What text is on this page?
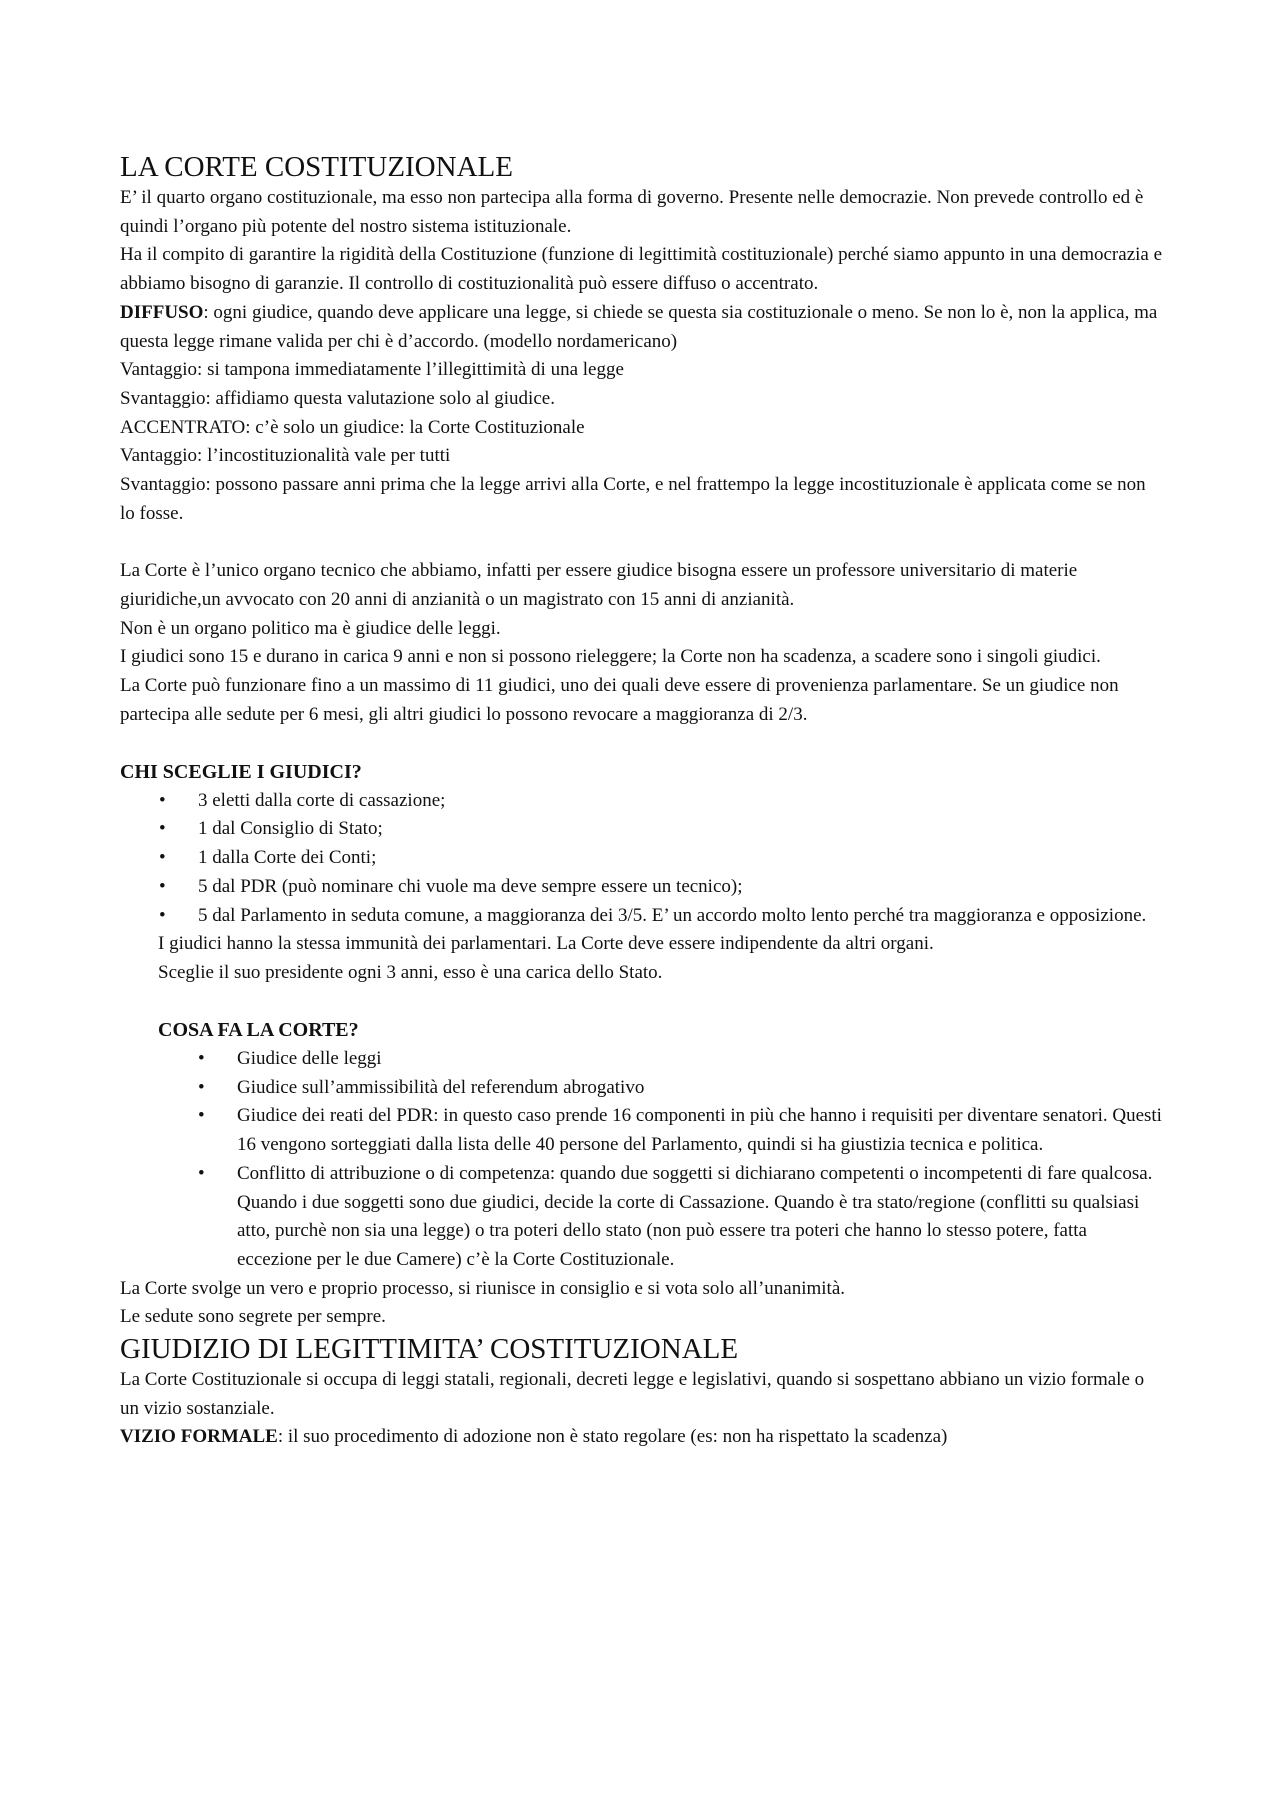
LA CORTE COSTITUZIONALE

E’ il quarto organo costituzionale, ma esso non partecipa alla forma di governo. Presente nelle democrazie. Non prevede controllo ed è quindi l’organo più potente del nostro sistema istituzionale.

Ha il compito di garantire la rigidità della Costituzione (funzione di legittimità costituzionale) perché siamo appunto in una democrazia e abbiamo bisogno di garanzie. Il controllo di costituzionalità può essere diffuso o accentrato.

DIFFUSO: ogni giudice, quando deve applicare una legge, si chiede se questa sia costituzionale o meno. Se non lo è, non la applica, ma questa legge rimane valida per chi è d’accordo. (modello nordamericano)

Vantaggio: si tampona immediatamente l’illegittimità di una legge

Svantaggio: affidiamo questa valutazione solo al giudice.

ACCENTRATO: c’è solo un giudice: la Corte Costituzionale

Vantaggio: l’incostituzionalità vale per tutti

Svantaggio: possono passare anni prima che la legge arrivi alla Corte, e nel frattempo la legge incostituzionale è applicata come se non lo fosse.

La Corte è l’unico organo tecnico che abbiamo, infatti per essere giudice bisogna essere un professore universitario di materie giuridiche,un avvocato con 20 anni di anzianità o un magistrato con 15 anni di anzianità.

Non è un organo politico ma è giudice delle leggi.

I giudici sono 15 e durano in carica 9 anni e non si possono rieleggere; la Corte non ha scadenza, a scadere sono i singoli giudici.

La Corte può funzionare fino a un massimo di 11 giudici, uno dei quali deve essere di provenienza parlamentare. Se un giudice non partecipa alle sedute per 6 mesi, gli altri giudici lo possono revocare a maggioranza di 2/3.

CHI SCEGLIE I GIUDICI?

• 3 eletti dalla corte di cassazione;
• 1 dal Consiglio di Stato;
• 1 dalla Corte dei Conti;
• 5 dal PDR (può nominare chi vuole ma deve sempre essere un tecnico);
• 5 dal Parlamento in seduta comune, a maggioranza dei 3/5. E’ un accordo molto lento perché tra maggioranza e opposizione.

I giudici hanno la stessa immunità dei parlamentari. La Corte deve essere indipendente da altri organi.

Sceglie il suo presidente ogni 3 anni, esso è una carica dello Stato.

COSA FA LA CORTE?

• Giudice delle leggi
• Giudice sull’ammissibilità del referendum abrogativo
• Giudice dei reati del PDR: in questo caso prende 16 componenti in più che hanno i requisiti per diventare senatori. Questi 16 vengono sorteggiati dalla lista delle 40 persone del Parlamento, quindi si ha giustizia tecnica e politica.
• Conflitto di attribuzione o di competenza: quando due soggetti si dichiarano competenti o incompetenti di fare qualcosa. Quando i due soggetti sono due giudici, decide la corte di Cassazione. Quando è tra stato/regione (conflitti su qualsiasi atto, purchè non sia una legge) o tra poteri dello stato (non può essere tra poteri che hanno lo stesso potere, fatta eccezione per le due Camere) c’è la Corte Costituzionale.

La Corte svolge un vero e proprio processo, si riunisce in consiglio e si vota solo all’unanimità.

Le sedute sono segrete per sempre.

GIUDIZIO DI LEGITTIMITA’ COSTITUZIONALE

La Corte Costituzionale si occupa di leggi statali, regionali, decreti legge e legislativi, quando si sospettano abbiano un vizio formale o un vizio sostanziale.

VIZIO FORMALE: il suo procedimento di adozione non è stato regolare (es: non ha rispettato la scadenza)
